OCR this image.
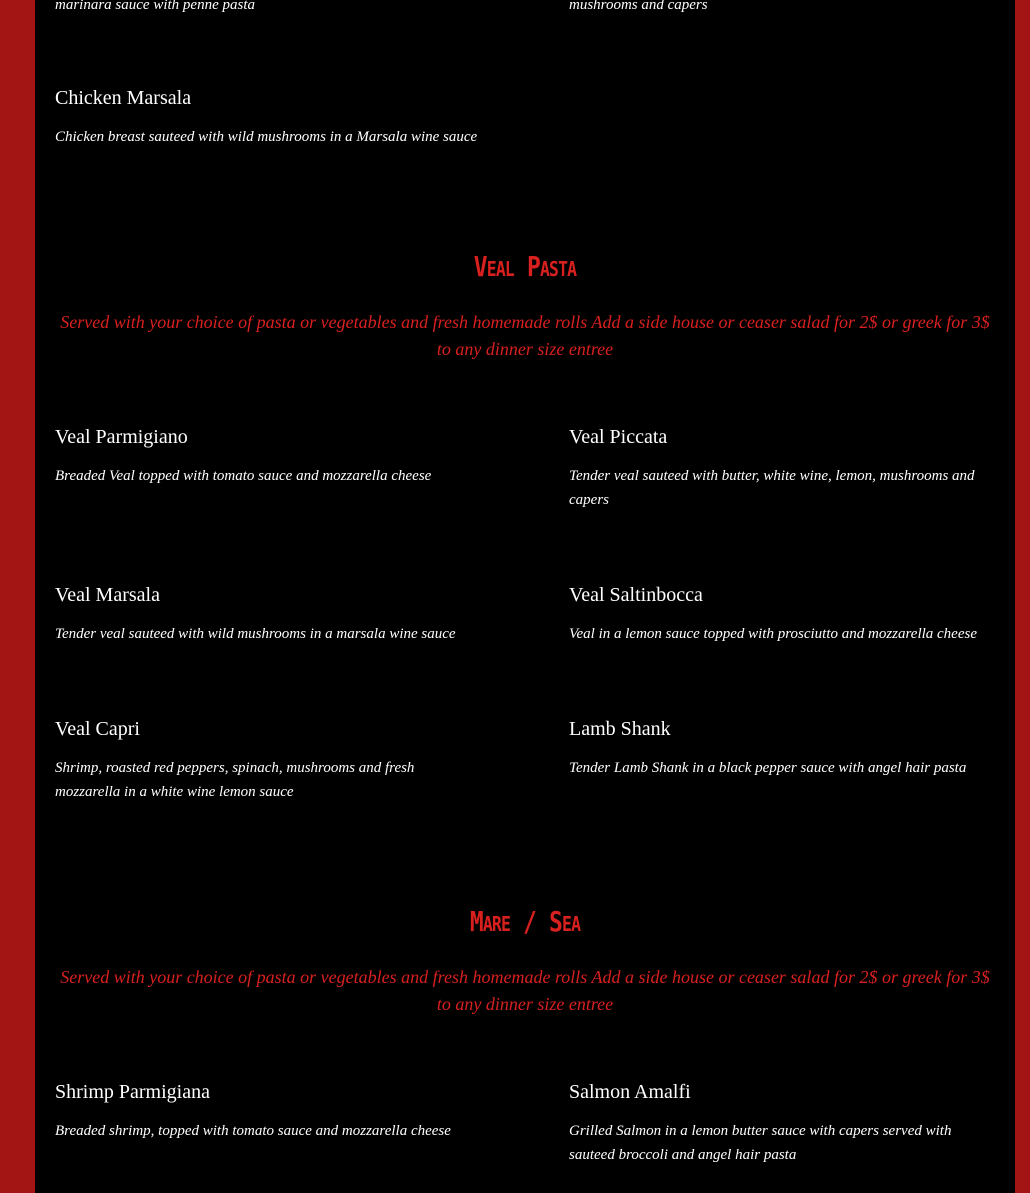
marinara sauce with penne pasta	mushrooms and capers
Chicken Marsala
Chicken breast sauteed with wild mushrooms in a Marsala wine sauce
Veal Pasta
Served with your choice of pasta or vegetables and fresh homemade rolls Add a side house or ceaser salad for 2$ or greek for 3$ to any dinner size entree
Veal Parmigiano
Breaded Veal topped with tomato sauce and mozzarella cheese
Veal Piccata
Tender veal sauteed with butter, white wine, lemon, mushrooms and capers
Veal Marsala
Tender veal sauteed with wild mushrooms in a marsala wine sauce
Veal Saltinbocca
Veal in a lemon sauce topped with prosciutto and mozzarella cheese
Veal Capri
Shrimp, roasted red peppers, spinach, mushrooms and fresh mozzarella in a white wine lemon sauce
Lamb Shank
Tender Lamb Shank in a black pepper sauce with angel hair pasta
Mare / Sea
Served with your choice of pasta or vegetables and fresh homemade rolls Add a side house or ceaser salad for 2$ or greek for 3$ to any dinner size entree
Shrimp Parmigiana
Breaded shrimp, topped with tomato sauce and mozzarella cheese
Salmon Amalfi
Grilled Salmon in a lemon butter sauce with capers served with sauteed broccoli and angel hair pasta
